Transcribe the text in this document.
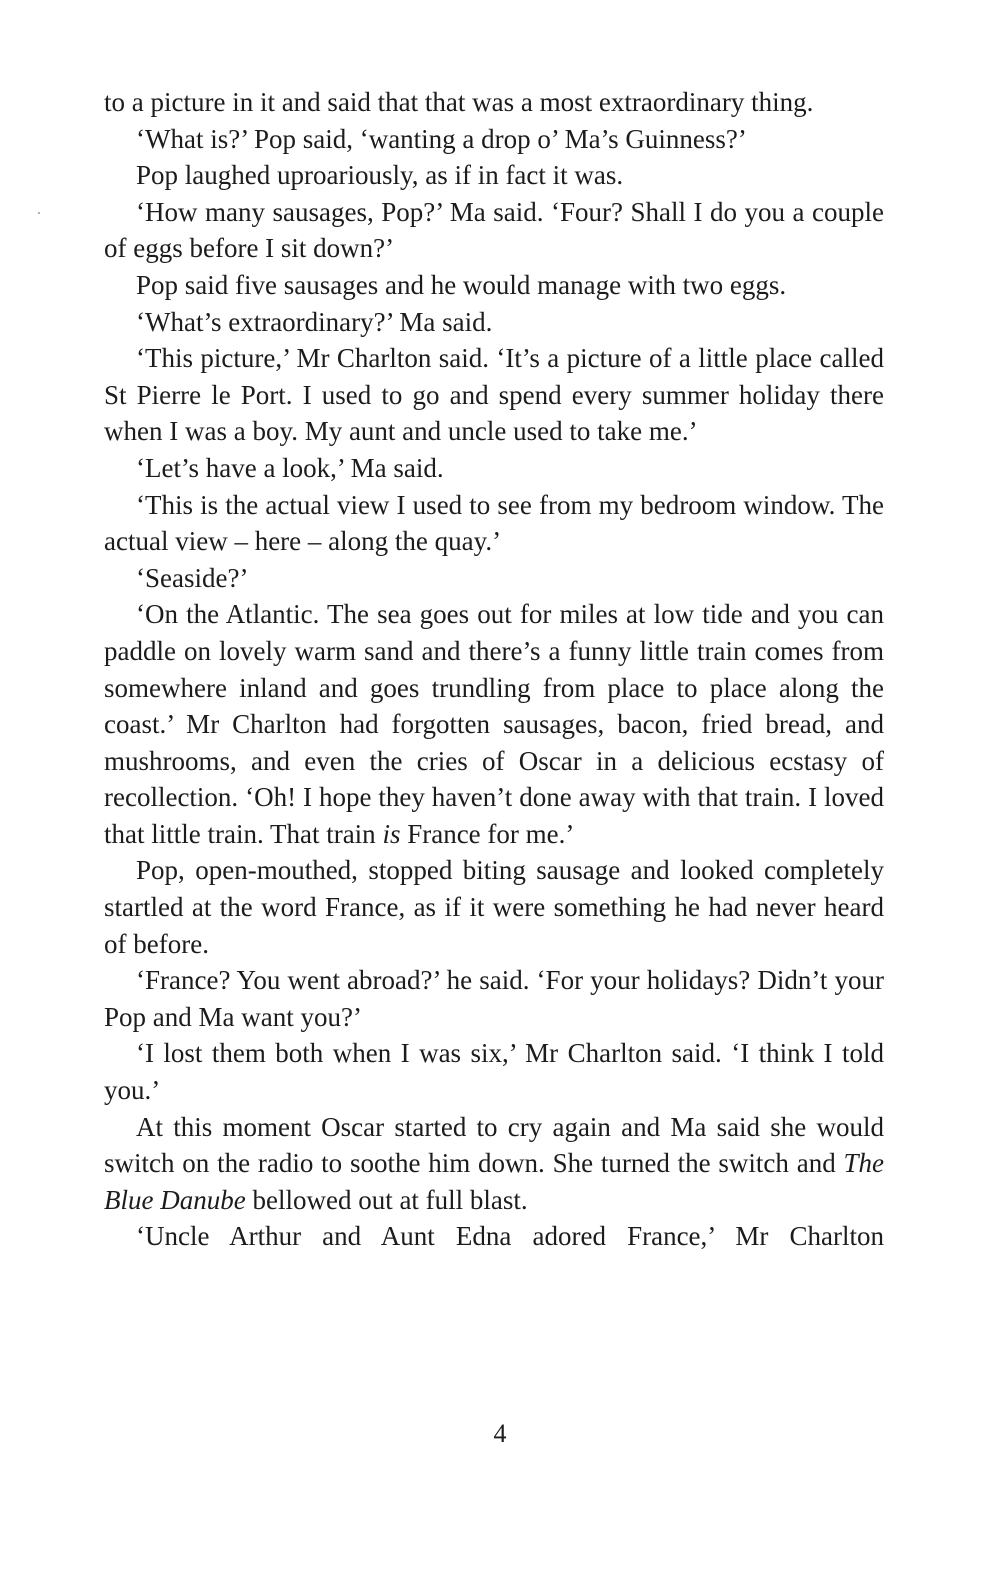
to a picture in it and said that that was a most extraordinary thing.

‘What is?’ Pop said, ‘wanting a drop o’ Ma’s Guinness?’

Pop laughed uproariously, as if in fact it was.

‘How many sausages, Pop?’ Ma said. ‘Four? Shall I do you a couple of eggs before I sit down?’

Pop said five sausages and he would manage with two eggs.

‘What’s extraordinary?’ Ma said.

‘This picture,’ Mr Charlton said. ‘It’s a picture of a little place called St Pierre le Port. I used to go and spend every summer holiday there when I was a boy. My aunt and uncle used to take me.’

‘Let’s have a look,’ Ma said.

‘This is the actual view I used to see from my bedroom window. The actual view – here – along the quay.’

‘Seaside?’

‘On the Atlantic. The sea goes out for miles at low tide and you can paddle on lovely warm sand and there’s a funny little train comes from somewhere inland and goes trundling from place to place along the coast.’ Mr Charlton had forgotten sausages, bacon, fried bread, and mushrooms, and even the cries of Oscar in a delicious ecstasy of recollection. ‘Oh! I hope they haven’t done away with that train. I loved that little train. That train is France for me.’

Pop, open-mouthed, stopped biting sausage and looked completely startled at the word France, as if it were something he had never heard of before.

‘France? You went abroad?’ he said. ‘For your holidays? Didn’t your Pop and Ma want you?’

‘I lost them both when I was six,’ Mr Charlton said. ‘I think I told you.’

At this moment Oscar started to cry again and Ma said she would switch on the radio to soothe him down. She turned the switch and The Blue Danube bellowed out at full blast.

‘Uncle Arthur and Aunt Edna adored France,’ Mr Charlton

4
